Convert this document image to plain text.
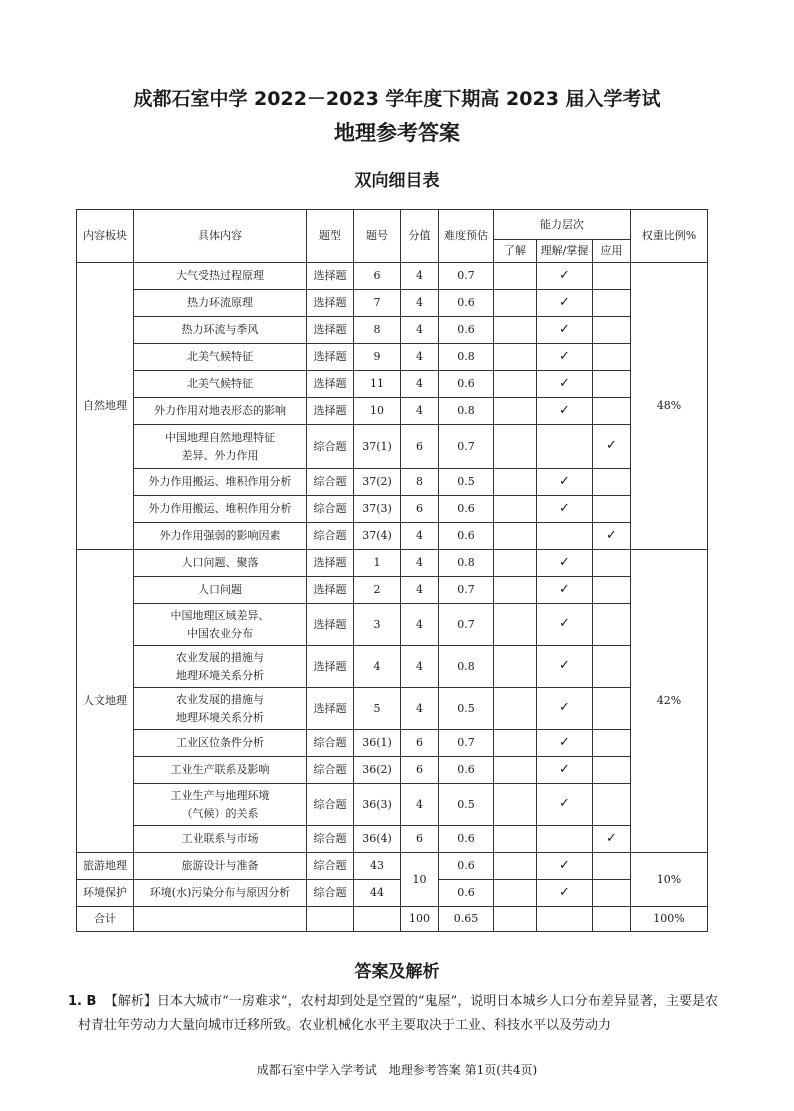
成都石室中学 2022－2023 学年度下期高 2023 届入学考试
地理参考答案
双向细目表
内容板块	具体内容	题型	题号	分值	难度预估	能力层次			权重比例%
						了解	理解/掌握	应用	
自然地理	大气受热过程原理	选择题	6	4	0.7		✓		48%

	热力环流原理	选择题	7	4	0.6		✓		

	热力环流与季风	选择题	8	4	0.6		✓		

	北美气候特征	选择题	9	4	0.8		✓		

	北美气候特征	选择题	11	4	0.6		✓		

	外力作用对地表形态的影响	选择题	10	4	0.8		✓		

	中国地理自然地理特征
差异、外力作用	综合题	37(1)	6	0.7			✓	

	外力作用搬运、堆积作用分析	综合题	37(2)	8	0.5		✓		

	外力作用搬运、堆积作用分析	综合题	37(3)	6	0.6		✓		

	外力作用强弱的影响因素	综合题	37(4)	4	0.6			✓	
人文地理	人口问题、聚落	选择题	1	4	0.8		✓		42%

	人口问题	选择题	2	4	0.7		✓		

	中国地理区域差异、
中国农业分布	选择题	3	4	0.7		✓		

	农业发展的措施与
地理环境关系分析	选择题	4	4	0.8		✓		

	农业发展的措施与
地理环境关系分析	选择题	5	4	0.5		✓		

	工业区位条件分析	综合题	36(1)	6	0.7		✓		

	工业生产联系及影响	综合题	36(2)	6	0.6		✓		

	工业生产与地理环境
（气候）的关系	综合题	36(3)	4	0.5		✓		

	工业联系与市场	综合题	36(4)	6	0.6			✓	
旅游地理	旅游设计与准备	综合题	43	10	0.6		✓		10%
环境保护	环境(水)污染分布与原因分析	综合题	44		0.6		✓		
合计				100	0.65				100%
答案及解析
1. B 【解析】日本大城市“一房难求”，农村却到处是空置的“鬼屋”，说明日本城乡人口分布差异显著，主要是农村青壮年劳动力大量向城市迁移所致。农业机械化水平主要取决于工业、科技水平以及劳动力
成都石室中学入学考试　地理参考答案 第1页(共4页)
